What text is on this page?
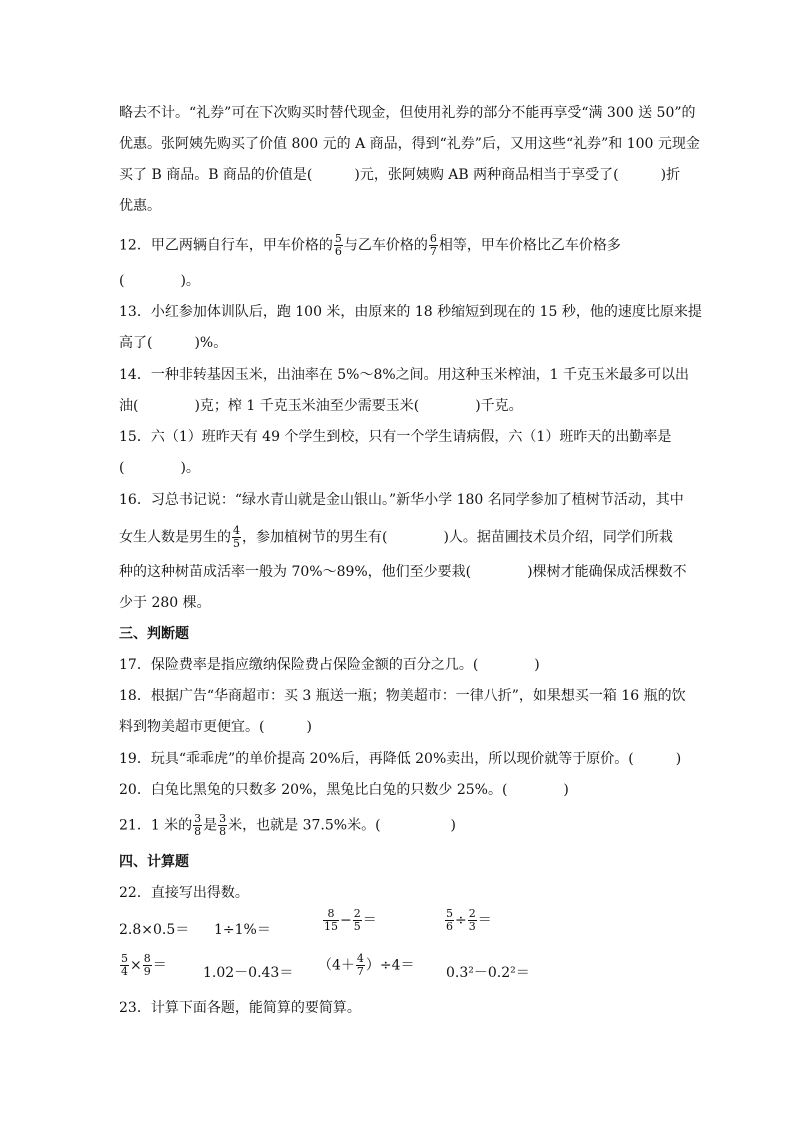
略去不计。“礼券”可在下次购买时替代现金，但使用礼券的部分不能再享受“满 300 送 50”的
优惠。张阿姨先购买了价值 800 元的 A 商品，得到“礼券”后，又用这些“礼券”和 100 元现金
买了 B 商品。B 商品的价值是(　　　)元，张阿姨购 AB 两种商品相当于享受了(　　　)折
优惠。
12．甲乙两辆自行车，甲车价格的 $\frac{5}{6}$ 与乙车价格的 $\frac{6}{7}$ 相等，甲车价格比乙车价格多
(　　　　)。
13．小红参加体训队后，跑 100 米，由原来的 18 秒缩短到现在的 15 秒，他的速度比原来提
高了(　　　)%。
14．一种非转基因玉米，出油率在 5%～8%之间。用这种玉米榨油，1 千克玉米最多可以出
油(　　　　)克；榨 1 千克玉米油至少需要玉米(　　　　)千克。
15．六（1）班昨天有 49 个学生到校，只有一个学生请病假，六（1）班昨天的出勤率是
(　　　　)。
16．习总书记说：“绿水青山就是金山银山。”新华小学 180 名同学参加了植树节活动，其中
女生人数是男生的 $\frac{4}{5}$ ，参加植树节的男生有(　　　　)人。据苗圃技术员介绍，同学们所栽
种的这种树苗成活率一般为 70%～89%，他们至少要栽(　　　　)棵树才能确保成活棵数不
少于 280 棵。
三、判断题
17．保险费率是指应缴纳保险费占保险金额的百分之几。(　　　　)
18．根据广告“华商超市：买 3 瓶送一瓶；物美超市：一律八折”，如果想买一箱 16 瓶的饮
料到物美超市更便宜。(　　　)
19．玩具“乖乖虎”的单价提高 20%后，再降低 20%卖出，所以现价就等于原价。(　　　)
20．白兔比黑兔的只数多 20%，黑兔比白兔的只数少 25%。(　　　　)
21．1 米的 $\frac{3}{8}$ 是 $\frac{3}{8}$ 米，也就是 37.5%米。(　　　　　)
四、计算题
22．直接写出得数。
2.8×0.5＝ 1÷1%＝	$\frac{8}{15} - \frac{2}{5}$ ＝	$\frac{5}{6} \div \frac{2}{3}$ ＝
$\frac{5}{4} \times \frac{8}{9}$ ＝	$1.02-0.43= (4+ \frac{4}{7} )\div 4= 0.3^2-0.2^2=$
23．计算下面各题，能简算的要简算。
